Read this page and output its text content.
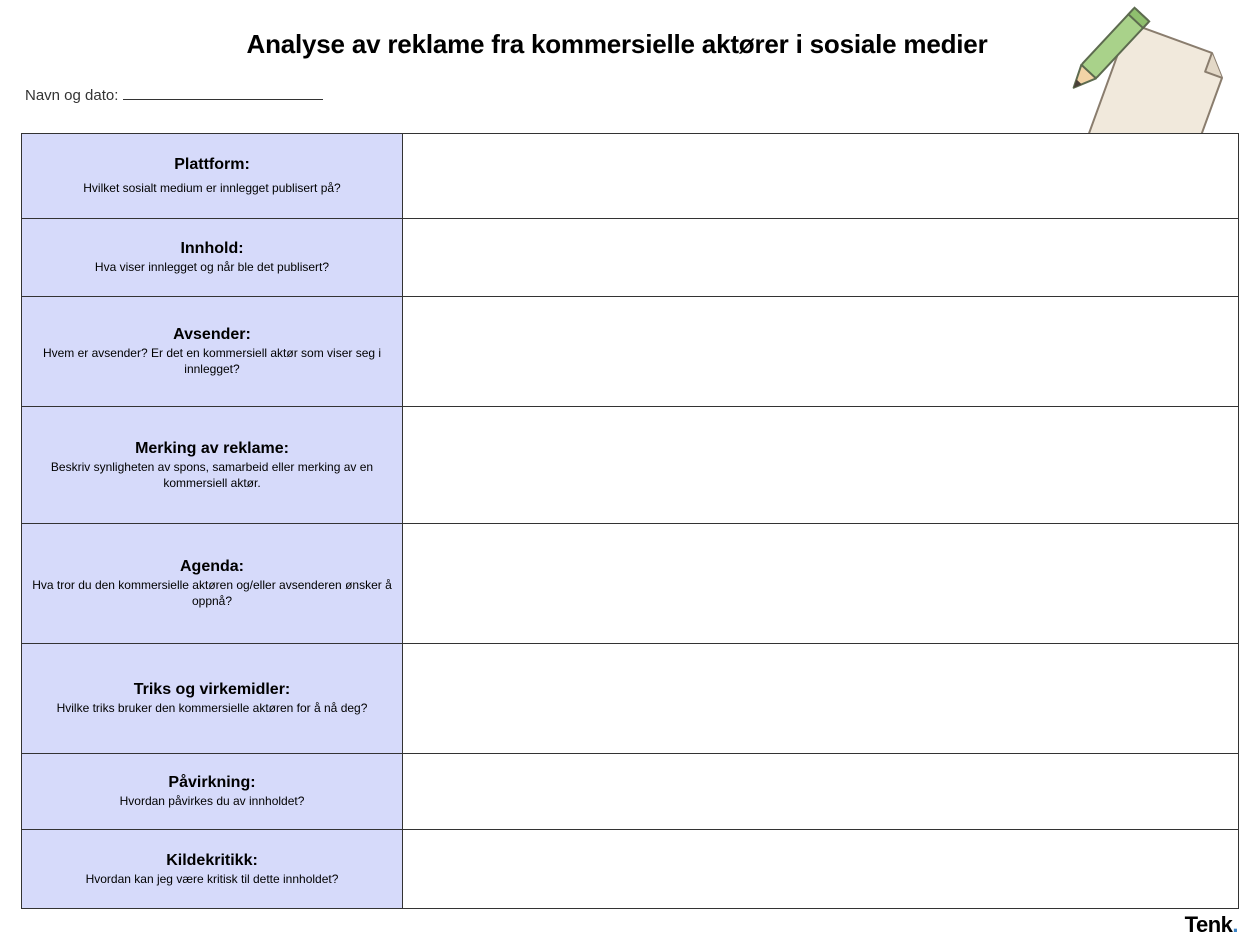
Analyse av reklame fra kommersielle aktører i sosiale medier
Navn og dato:
Plattform:
Hvilket sosialt medium er innlegget publisert på?	

Innhold:
Hva viser innlegget og når ble det publisert?	

Avsender:
Hvem er avsender? Er det en kommersiell aktør som viser seg i innlegget?	

Merking av reklame:
Beskriv synligheten av spons, samarbeid eller merking av en kommersiell aktør.	

Agenda:
Hva tror du den kommersielle aktøren og/eller avsenderen ønsker å oppnå?	

Triks og virkemidler:
Hvilke triks bruker den kommersielle aktøren for å nå deg?	

Påvirkning:
Hvordan påvirkes du av innholdet?	

Kildekritikk:
Hvordan kan jeg være kritisk til dette innholdet?	

Tenk.
